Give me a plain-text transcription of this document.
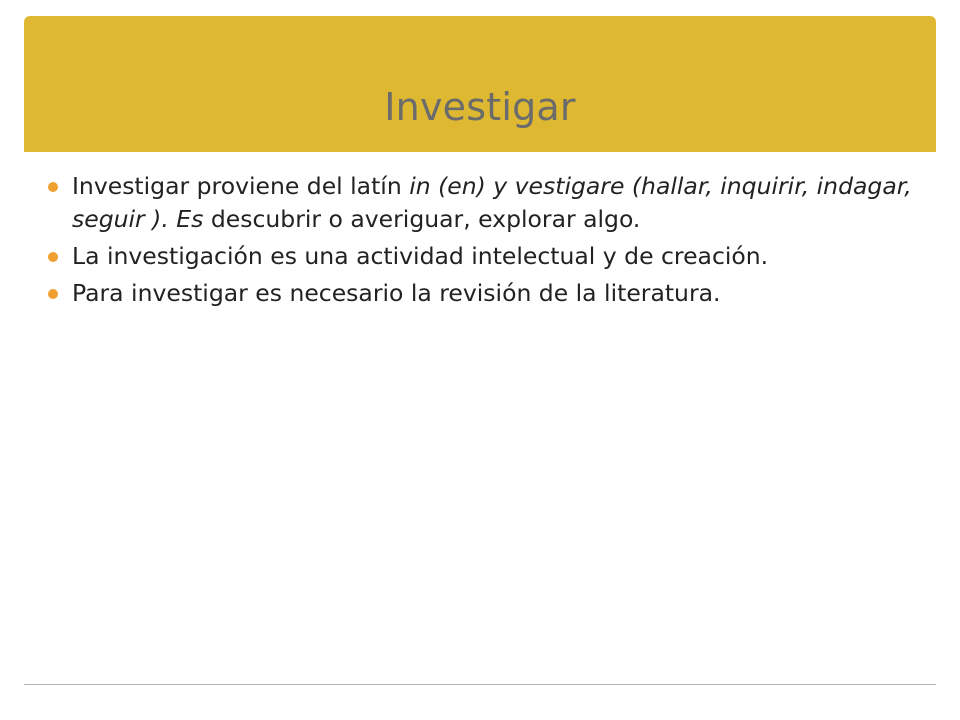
Investigar
Investigar proviene del latín in (en) y vestigare (hallar, inquirir, indagar, seguir ). Es descubrir o averiguar, explorar algo.
La investigación es una actividad intelectual y de creación.
Para investigar es necesario la revisión de la literatura.
